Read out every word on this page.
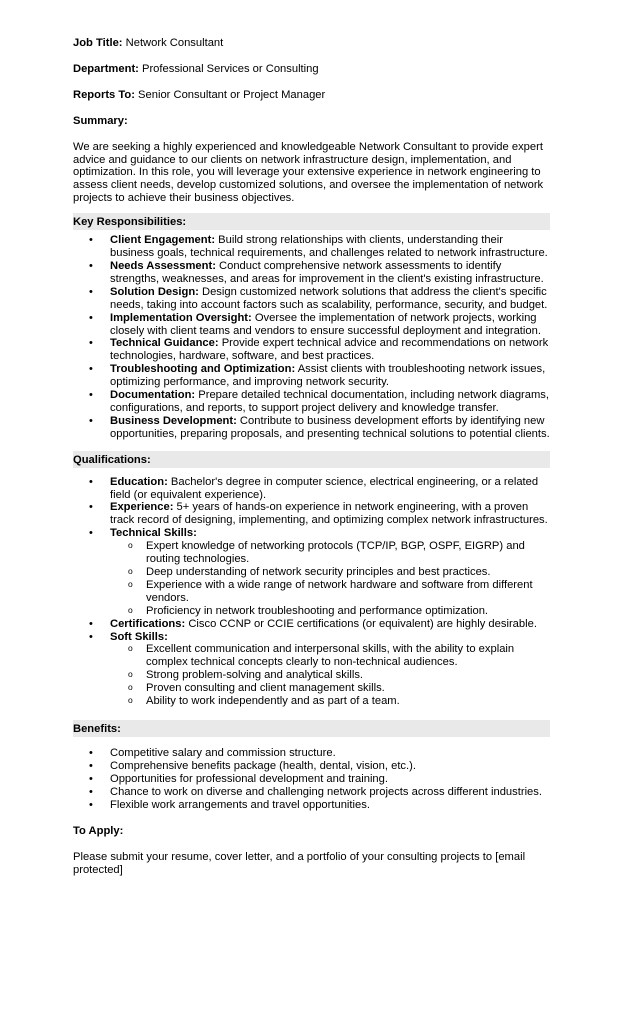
Job Title: Network Consultant

Department: Professional Services or Consulting

Reports To: Senior Consultant or Project Manager

Summary:

We are seeking a highly experienced and knowledgeable Network Consultant to provide expert advice and guidance to our clients on network infrastructure design, implementation, and optimization. In this role, you will leverage your extensive experience in network engineering to assess client needs, develop customized solutions, and oversee the implementation of network projects to achieve their business objectives.

Key Responsibilities:
• Client Engagement: Build strong relationships with clients, understanding their business goals, technical requirements, and challenges related to network infrastructure.
• Needs Assessment: Conduct comprehensive network assessments to identify strengths, weaknesses, and areas for improvement in the client's existing infrastructure.
• Solution Design: Design customized network solutions that address the client's specific needs, taking into account factors such as scalability, performance, security, and budget.
• Implementation Oversight: Oversee the implementation of network projects, working closely with client teams and vendors to ensure successful deployment and integration.
• Technical Guidance: Provide expert technical advice and recommendations on network technologies, hardware, software, and best practices.
• Troubleshooting and Optimization: Assist clients with troubleshooting network issues, optimizing performance, and improving network security.
• Documentation: Prepare detailed technical documentation, including network diagrams, configurations, and reports, to support project delivery and knowledge transfer.
• Business Development: Contribute to business development efforts by identifying new opportunities, preparing proposals, and presenting technical solutions to potential clients.
Qualifications:
• Education: Bachelor's degree in computer science, electrical engineering, or a related field (or equivalent experience).
• Experience: 5+ years of hands-on experience in network engineering, with a proven track record of designing, implementing, and optimizing complex network infrastructures.
• Technical Skills:
o Expert knowledge of networking protocols (TCP/IP, BGP, OSPF, EIGRP) and routing technologies.
o Deep understanding of network security principles and best practices.
o Experience with a wide range of network hardware and software from different vendors.
o Proficiency in network troubleshooting and performance optimization.
• Certifications: Cisco CCNP or CCIE certifications (or equivalent) are highly desirable.
• Soft Skills:
o Excellent communication and interpersonal skills, with the ability to explain complex technical concepts clearly to non-technical audiences.
o Strong problem-solving and analytical skills.
o Proven consulting and client management skills.
o Ability to work independently and as part of a team.
Benefits:
• Competitive salary and commission structure.
• Comprehensive benefits package (health, dental, vision, etc.).
• Opportunities for professional development and training.
• Chance to work on diverse and challenging network projects across different industries.
• Flexible work arrangements and travel opportunities.

To Apply:

Please submit your resume, cover letter, and a portfolio of your consulting projects to [email protected]
